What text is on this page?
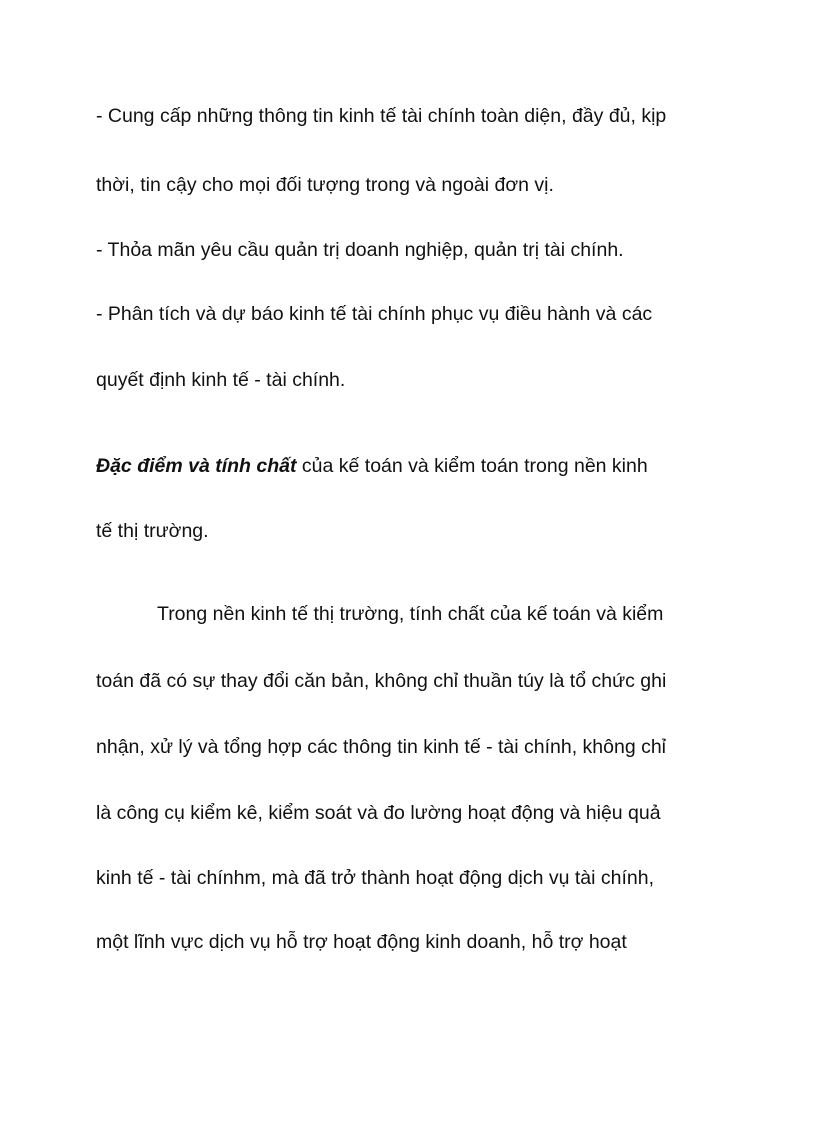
- Cung cấp những thông tin kinh tế tài chính toàn diện, đầy đủ, kịp
thời, tin cậy cho mọi đối tượng trong và ngoài đơn vị.
- Thỏa mãn yêu cầu quản trị doanh nghiệp, quản trị tài chính.
- Phân tích và dự báo kinh tế tài chính phục vụ điều hành và các
quyết định kinh tế - tài chính.
Đặc điểm và tính chất của kế toán và kiểm toán trong nền kinh
tế thị trường.
Trong nền kinh tế thị trường, tính chất của kế toán và kiểm
toán đã có sự thay đổi căn bản, không chỉ thuần túy là tổ chức ghi
nhận, xử lý và tổng hợp các thông tin kinh tế - tài chính, không chỉ
là công cụ kiểm kê, kiểm soát và đo lường hoạt động và hiệu quả
kinh tế - tài chínhm, mà đã trở thành hoạt động dịch vụ tài chính,
một lĩnh vực dịch vụ hỗ trợ hoạt động kinh doanh, hỗ trợ hoạt
